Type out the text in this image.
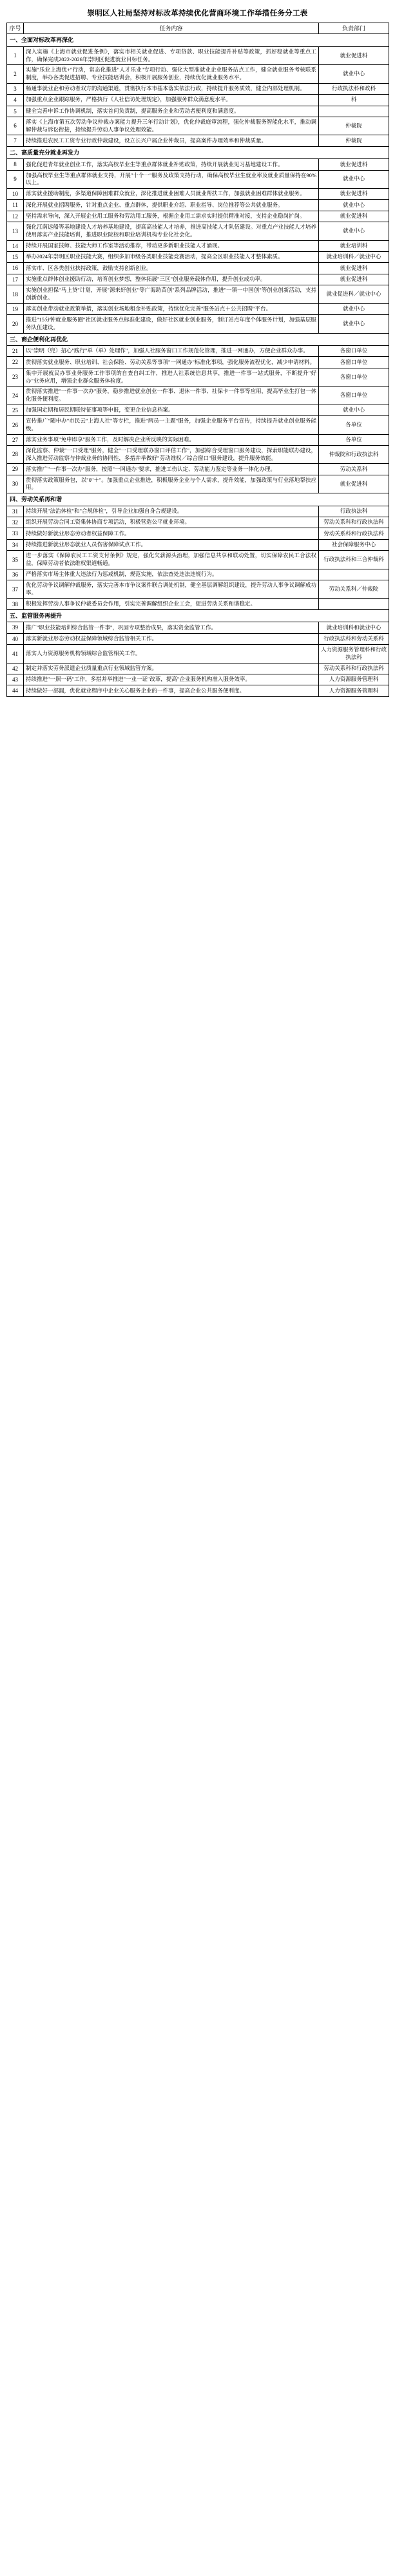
崇明区人社局坚持对标改革持续优化营商环境工作举措任务分工表
序号	任务内容	负责部门
一、全面对标改革再深化		
1	深入实施《上海市就业促进条例》，落实市相关就业促进、专项贷款、职业技能提升补贴等政策，抓好稳就业等重点工作，确保完成2022-2026年崇明区促进就业目标任务。	就业促进科
2	实施"乐业上海优+"行动，常态化推进"人才乐业"专项行动、强化大型准就业企业服务站点工作，健全就业服务考核联系制度，举办各类促进招聘、专业技能培训会，积极开展服务创业，持续优化就业服务水平。	就业中心
3	畅通事就业企和劳动者双方的沟通渠道，贯彻执行本市基本落实依法行政，持续提升服务质效，健全内部处理机制。	行政执法科和政科
4	加强重点企业跟踪服务，严格执行《人社信访处理规定》，加强服务群众满意度水平。	科
5	健全完善申诉工作协调机制，落实首问负责制，提高服务企业和劳动者便利度和满意度。	
6	落实《上海市第五次劳动争议仲裁办案能力提升三年行动计划》，优化仲裁庭审流程，强化仲裁服务智能化水平，推动调解仲裁与诉讼衔接，持续提升劳动人事争议处理效能。	仲裁院
7	持续推进农民工工资专业行政仲裁建设，设立长兴户属企业仲裁员，提高案件办理效率和仲裁质量。	仲裁院
二、高质量充分就业再发力		
8	强化促进青年就业创业工作，落实高校毕业生等重点群体就业补贴政策，持续开展就业见习基地建设工作。	就业促进科
9	加强高校毕业生等重点群体就业支持，开展"十个一"服务及政策支持行动，确保高校毕业生就业率及就业质量保持在90%以上。	就业中心
10	落实就业援助制度，多渠道保障困难群众就业，深化推进就业困难人员就业帮扶工作，加强就业困难群体就业服务。	就业促进科
11	深化开展就业招聘服务，针对重点企业、重点群体，提供职业介绍、职业指导、岗位推荐等公共就业服务。	就业中心
12	坚持需求导向，深入开展企业用工服务和劳动用工服务，根据企业用工需求实时提供精准对接，支持企业稳岗扩岗。	就业促进科
13	强化江南远船等基地建设人才培养基地建设，提高高技能人才培养，推进高技能人才队伍建设。对重点产业技能人才培养使用落实产业技能培训，推进职业院校和职业培训机构专业化社会化。	就业中心
14	持续开展国家技师、技能大师工作室等活动推荐，带动更多新职业技能人才涌现。	就业培训科
15	举办2024年崇明区职业技能大赛，组织多加市级各类职业技能竞赛活动，提高全区职业技能人才整体素质。	就业培训科／就业中心
16	落实市、区各类创业扶持政策，鼓励支持创新创业。	就业促进科
17	实施重点群体创业援助行动，培育创业梦想，整体拓展"三区"创业服务载体作用，提升创业成功率。	就业促进科
18	实施创业担保"马上贷"计划，开展"源来好创业"等广海助苗创"系列品牌活动，推进"一镇一中国创"等创业创新活动，支持创新创业。	就业促进科／就业中心
19	落实创业带动就业政策举措，落实创业场地租金补贴政策，持续优化完善"服务站点＋公共招聘"平台。	就业中心
20	推进"15分钟就业服务圈"社区就业服务点标准化建设，做好社区就业创业服务，制订站点年度个体服务计划，加强基层服务队伍建设。	就业中心
三、商企便利化再优化		
21	以"崇明（兜）招心"践行"单（单）处理作"，加强人社服务窗口工作规范化管理，推进一网通办，方便企业群众办事。	各窗口单位
22	贯彻落实就业服务、职业培训、社会保险、劳动关系等事项"一网通办"标准化事项，强化服务流程优化，减少申请材料。	各窗口单位
23	集中开展就民办事业务服务工作事项的自查自纠工作，推进人社系统信息共享，推进一件事一站式服务，不断提升"好办"业务应用，增强企业群众服务体验度。	各窗口单位
24	贯彻落实推进"一件事一次办"服务，稳步推进就业创业一件事、退休一件事、社保卡一件事等应用，提高毕业生打包一体化服务便利度。	各窗口单位
25	加强国定期和居民期联特征事项等申报，变更企业信息档案。	就业中心
26	宣传推广"随申办"市民云"上海人社"等专栏，推进"两员一主题"服务，加强企业服务平台宣传，持续提升就业创业服务能级。	各单位
27	落实业务事项"免申即享"服务工作，及时解决企业所反映的实际困难。	各单位
28	深化监察、仲裁"一口受理"服务，健全"一口受理联办窗口评估工作"，加强综合受理窗口服务建设，探索职能联办建设，深入推进劳动监察与仲裁业务的协同性，多措并举做好"劳动维权／综合窗口"服务建设，提升服务效能。	仲裁院和行政执法科
29	落实推广"一件事一次办"服务，按照"一网通办"要求，推进工伤认定、劳动能力鉴定等业务一体化办理。	劳动关系科
30	贯彻落实政策服务包，以"0"＋"。加强重点企业推进，积极服务企业与个人需求，提升效能，加强政策与行业落地帮扶应用。	就业促进科
四、劳动关系再和谐		
31	持续开展"法治体检"和"合规体检"，引导企业加强自身合规建设。	行政执法科
32	组织开展劳动合同工资集体协商专项活动，积极营造公平就业环境。	劳动关系科和行政执法科
33	持续做好新就业形态劳动者权益保障工作。	劳动关系科和行政执法科
34	持续推进新就业形态就业人员伤害保障试点工作。	社会保障服务中心
35	进一步落实《保障农民工工资支付条例》规定，强化欠薪源头治理，加强信息共享和联动处置，切实保障农民工合法权益，保障劳动者依法维权渠道畅通。	行政执法科和三合仲裁科
36	严格落实市场主体重大违法行为惩戒机制，规范实施，依法查处违法违规行为。	
37	优化劳动争议调解仲裁服务，落实完善本市争议案件联合调处机制，健全基层调解组织建设，提升劳动人事争议调解成功率。	劳动关系科／仲裁院
38	积极发挥劳动人事争议仲裁委员会作用，引实完善调解组织企业工会，促进劳动关系和谐稳定。	
五、监管服务再提升		
39	推广"职业技能培训综合监管一件事"，巩固专项整治成果，落实资金监管工作。	就业培训科和就业中心
40	落实新就业形态劳动权益保障领域综合监管相关工作。	行政执法科和劳动关系科
41	落实人力资源服务机构领域综合监管相关工作。	人力资源服务管理科和行政执法科
42	制定并落实劳务派遣企业质量重点行业领域监管方案。	劳动关系科和行政执法科
43	持续推进"一照一码"工作，多措并举推进"一业一证"改革，提高"企业服务机构准入服务效率。	人力资源服务管理科
44	持续做好一部漏，优化就业程序中企业关心服务企业的一件事，提高企业公共服务便利度。	人力资源服务管理科
